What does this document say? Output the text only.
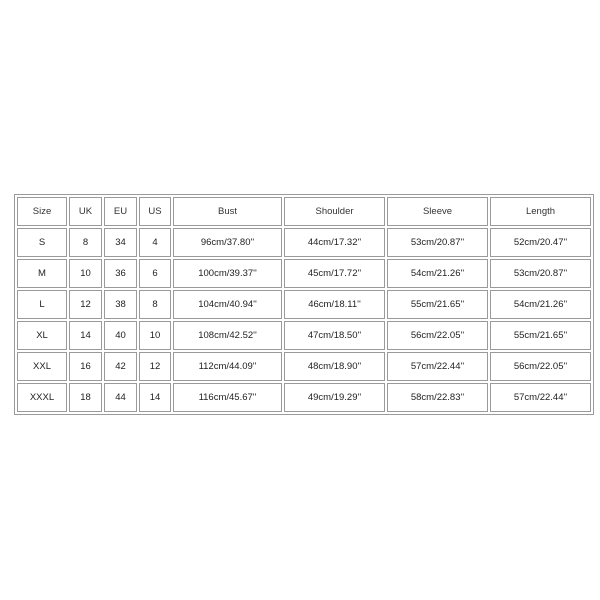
Size	UK	EU	US	Bust	Shoulder	Sleeve	Length
S	8	34	4	96cm/37.80''	44cm/17.32''	53cm/20.87''	52cm/20.47''
M	10	36	6	100cm/39.37''	45cm/17.72''	54cm/21.26''	53cm/20.87''
L	12	38	8	104cm/40.94''	46cm/18.11''	55cm/21.65''	54cm/21.26''
XL	14	40	10	108cm/42.52''	47cm/18.50''	56cm/22.05''	55cm/21.65''
XXL	16	42	12	112cm/44.09''	48cm/18.90''	57cm/22.44''	56cm/22.05''
XXXL	18	44	14	116cm/45.67''	49cm/19.29''	58cm/22.83''	57cm/22.44''
